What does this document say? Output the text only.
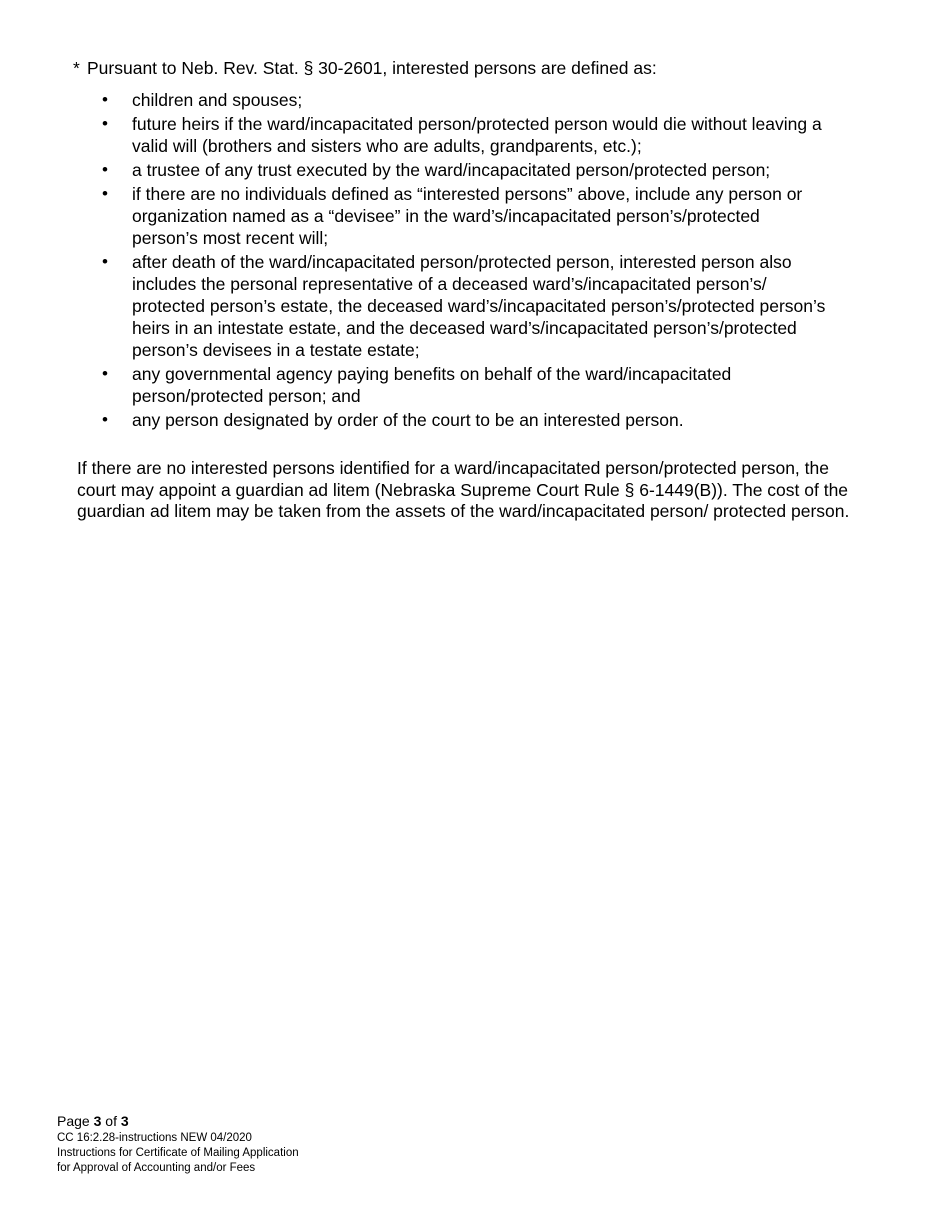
* Pursuant to Neb. Rev. Stat. § 30-2601, interested persons are defined as:

• children and spouses;
• future heirs if the ward/incapacitated person/protected person would die without leaving a valid will (brothers and sisters who are adults, grandparents, etc.);
• a trustee of any trust executed by the ward/incapacitated person/protected person;
• if there are no individuals defined as “interested persons” above, include any person or organization named as a “devisee” in the ward’s/incapacitated person’s/protected person’s most recent will;
• after death of the ward/incapacitated person/protected person, interested person also includes the personal representative of a deceased ward’s/incapacitated person’s/ protected person’s estate, the deceased ward’s/incapacitated person’s/protected person’s heirs in an intestate estate, and the deceased ward’s/incapacitated person’s/protected person’s devisees in a testate estate;
• any governmental agency paying benefits on behalf of the ward/incapacitated person/protected person; and
• any person designated by order of the court to be an interested person.

If there are no interested persons identified for a ward/incapacitated person/protected person, the court may appoint a guardian ad litem (Nebraska Supreme Court Rule § 6-1449(B)). The cost of the guardian ad litem may be taken from the assets of the ward/incapacitated person/ protected person.

Page 3 of 3

CC 16:2.28-instructions NEW 04/2020

Instructions for Certificate of Mailing Application

for Approval of Accounting and/or Fees
